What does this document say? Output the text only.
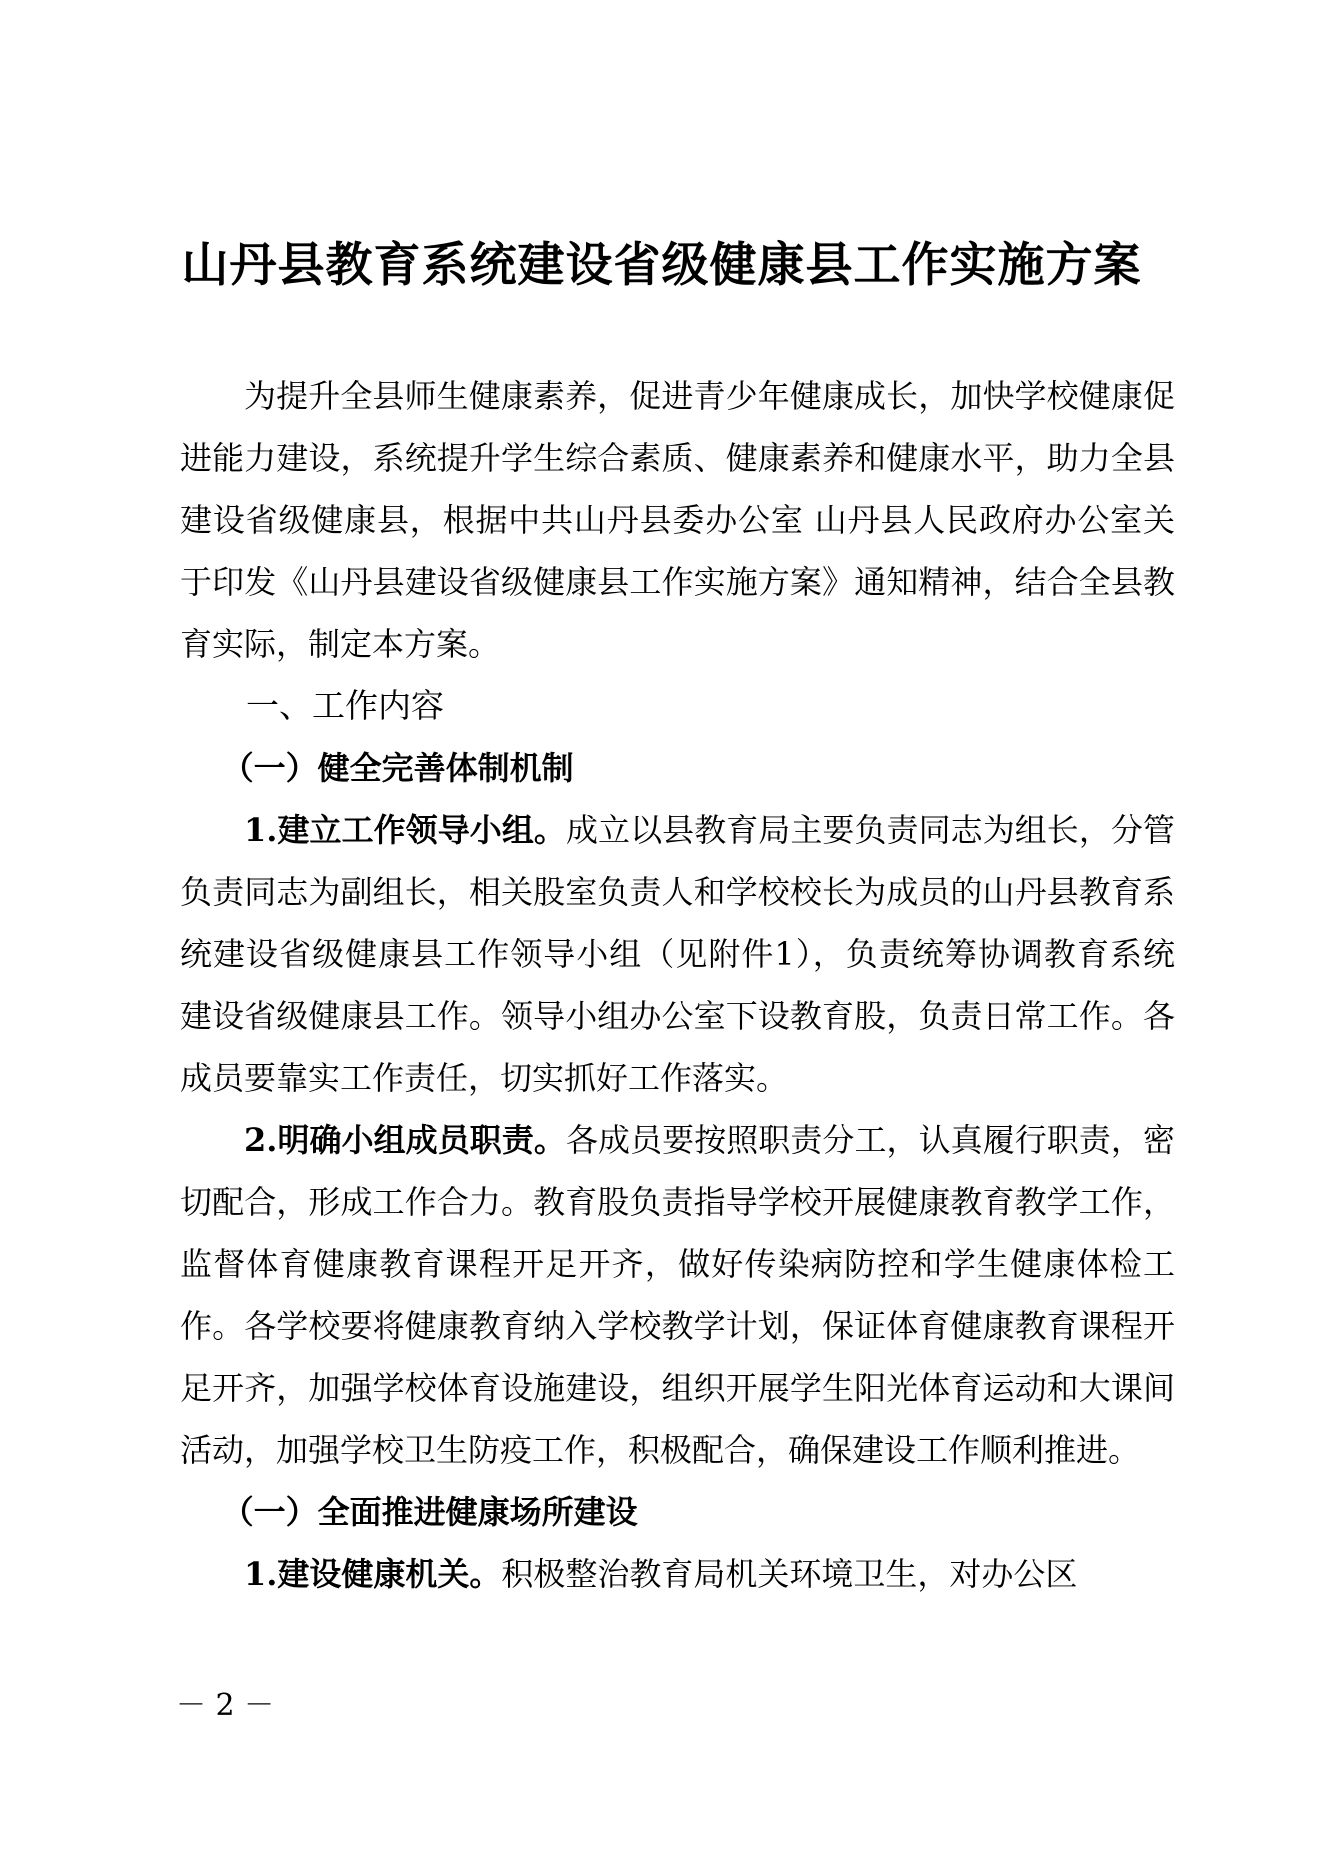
山丹县教育系统建设省级健康县工作实施方案

为提升全县师生健康素养，促进青少年健康成长，加快学校健康促进能力建设，系统提升学生综合素质、健康素养和健康水平，助力全县建设省级健康县，根据中共山丹县委办公室 山丹县人民政府办公室关于印发《山丹县建设省级健康县工作实施方案》通知精神，结合全县教育实际，制定本方案。

一、工作内容

（一）健全完善体制机制

1.建立工作领导小组。成立以县教育局主要负责同志为组长，分管负责同志为副组长，相关股室负责人和学校校长为成员的山丹县教育系统建设省级健康县工作领导小组（见附件1），负责统筹协调教育系统建设省级健康县工作。领导小组办公室下设教育股，负责日常工作。各成员要靠实工作责任，切实抓好工作落实。

2.明确小组成员职责。各成员要按照职责分工，认真履行职责，密切配合，形成工作合力。教育股负责指导学校开展健康教育教学工作，监督体育健康教育课程开足开齐，做好传染病防控和学生健康体检工作。各学校要将健康教育纳入学校教学计划，保证体育健康教育课程开足开齐，加强学校体育设施建设，组织开展学生阳光体育运动和大课间活动，加强学校卫生防疫工作，积极配合，确保建设工作顺利推进。

（一）全面推进健康场所建设

1.建设健康机关。积极整治教育局机关环境卫生，对办公区

－ 2 －
